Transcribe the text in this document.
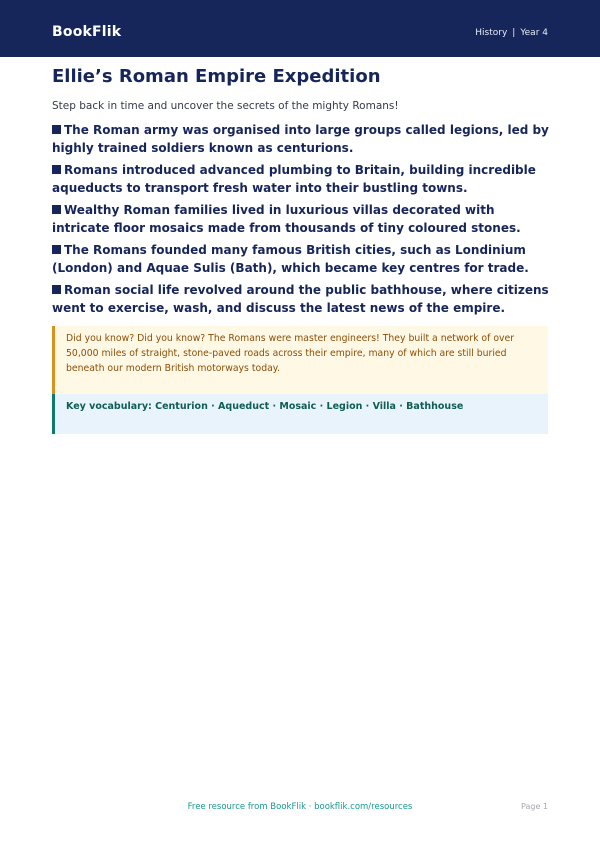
BookFlik	History | Year 4
Ellie’s Roman Empire Expedition

Step back in time and uncover the secrets of the mighty Romans!

The Roman army was organised into large groups called legions, led by highly trained soldiers known as centurions.
Romans introduced advanced plumbing to Britain, building incredible aqueducts to transport fresh water into their bustling towns.
Wealthy Roman families lived in luxurious villas decorated with intricate floor mosaics made from thousands of tiny coloured stones.
The Romans founded many famous British cities, such as Londinium (London) and Aquae Sulis (Bath), which became key centres for trade.
Roman social life revolved around the public bathhouse, where citizens went to exercise, wash, and discuss the latest news of the empire.
Did you know? Did you know? The Romans were master engineers! They built a network of over 50,000 miles of straight, stone-paved roads across their empire, many of which are still buried beneath our modern British motorways today.
Key vocabulary: Centurion · Aqueduct · Mosaic · Legion · Villa · Bathhouse
Free resource from BookFlik · bookflik.com/resources	Page 1
